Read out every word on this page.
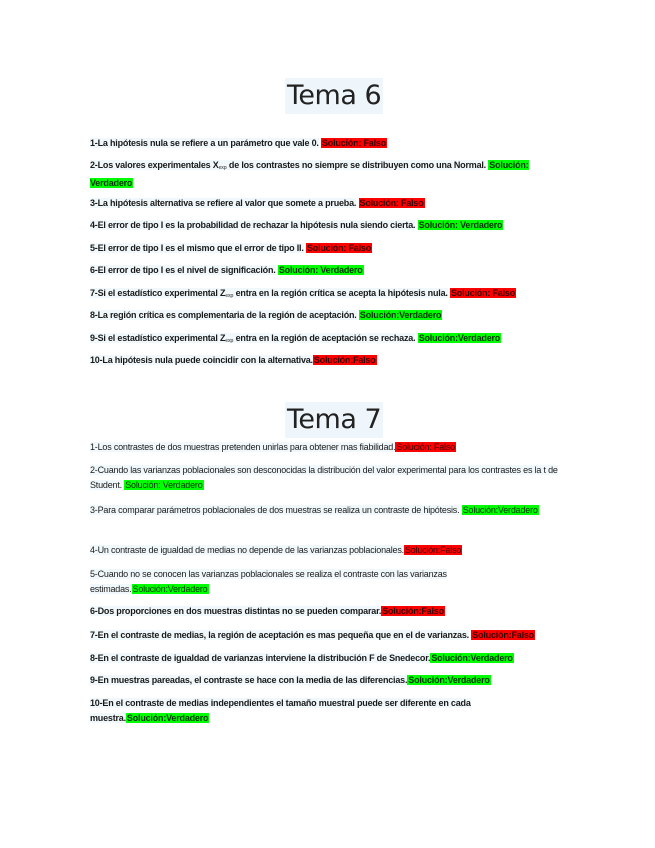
Tema 6
1-La hipótesis nula se refiere a un parámetro que vale 0. Solución: Falso
2-Los valores experimentales $X_{exp}$ de los contrastes no siempre se distribuyen como una Normal. Solución: Verdadero
3-La hipótesis alternativa se refiere al valor que somete a prueba. Solución: Falso
4-El error de tipo I es la probabilidad de rechazar la hipótesis nula siendo cierta. Solución: Verdadero
5-El error de tipo I es el mismo que el error de tipo II. Solución: Falso
6-El error de tipo I es el nivel de significación. Solución: Verdadero
7-Si el estadístico experimental $Z_{exp}$ entra en la región crítica se acepta la hipótesis nula. Solución: Falso
8-La región crítica es complementaria de la región de aceptación. Solución:Verdadero
9-Si el estadístico experimental $Z_{exp}$ entra en la región de aceptación se rechaza. Solución:Verdadero
10-La hipótesis nula puede coincidir con la alternativa.Solución:Falso
Tema 7
1-Los contrastes de dos muestras pretenden unirlas para obtener mas fiabilidad.Solución: Falso
2-Cuando las varianzas poblacionales son desconocidas la distribución del valor experimental para los contrastes es la t de Student. Solución: Verdadero
3-Para comparar parámetros poblacionales de dos muestras se realiza un contraste de hipótesis. Solución:Verdadero
4-Un contraste de igualdad de medias no depende de las varianzas poblacionales.Solución:Falso
5-Cuando no se conocen las varianzas poblacionales se realiza el contraste con las varianzas estimadas.Solución:Verdadero
6-Dos proporciones en dos muestras distintas no se pueden comparar.Solución:Falso
7-En el contraste de medias, la región de aceptación es mas pequeña que en el de varianzas. Solución:Falso
8-En el contraste de igualdad de varianzas interviene la distribución F de Snedecor.Solución:Verdadero
9-En muestras pareadas, el contraste se hace con la media de las diferencias.Solución:Verdadero
10-En el contraste de medias independientes el tamaño muestral puede ser diferente en cada muestra.Solución:Verdadero
